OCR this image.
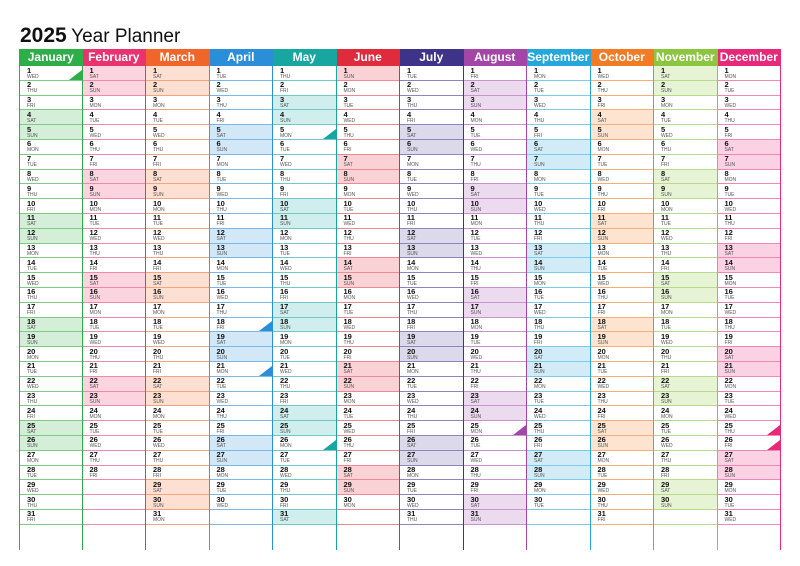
2025 Year Planner
January
1
WED
2
THU
3
FRI
4
SAT
5
SUN
6
MON
7
TUE
8
WED
9
THU
10
FRI
11
SAT
12
SUN
13
MON
14
TUE
15
WED
16
THU
17
FRI
18
SAT
19
SUN
20
MON
21
TUE
22
WED
23
THU
24
FRI
25
SAT
26
SUN
27
MON
28
TUE
29
WED
30
THU
31
FRI
February
1
SAT
2
SUN
3
MON
4
TUE
5
WED
6
THU
7
FRI
8
SAT
9
SUN
10
MON
11
TUE
12
WED
13
THU
14
FRI
15
SAT
16
SUN
17
MON
18
TUE
19
WED
20
THU
21
FRI
22
SAT
23
SUN
24
MON
25
TUE
26
WED
27
THU
28
FRI
March
1
SAT
2
SUN
3
MON
4
TUE
5
WED
6
THU
7
FRI
8
SAT
9
SUN
10
MON
11
TUE
12
WED
13
THU
14
FRI
15
SAT
16
SUN
17
MON
18
TUE
19
WED
20
THU
21
FRI
22
SAT
23
SUN
24
MON
25
TUE
26
WED
27
THU
28
FRI
29
SAT
30
SUN
31
MON
April
1
TUE
2
WED
3
THU
4
FRI
5
SAT
6
SUN
7
MON
8
TUE
9
WED
10
THU
11
FRI
12
SAT
13
SUN
14
MON
15
TUE
16
WED
17
THU
18
FRI
19
SAT
20
SUN
21
MON
22
TUE
23
WED
24
THU
25
FRI
26
SAT
27
SUN
28
MON
29
TUE
30
WED
May
1
THU
2
FRI
3
SAT
4
SUN
5
MON
6
TUE
7
WED
8
THU
9
FRI
10
SAT
11
SUN
12
MON
13
TUE
14
WED
15
THU
16
FRI
17
SAT
18
SUN
19
MON
20
TUE
21
WED
22
THU
23
FRI
24
SAT
25
SUN
26
MON
27
TUE
28
WED
29
THU
30
FRI
31
SAT
June
1
SUN
2
MON
3
TUE
4
WED
5
THU
6
FRI
7
SAT
8
SUN
9
MON
10
TUE
11
WED
12
THU
13
FRI
14
SAT
15
SUN
16
MON
17
TUE
18
WED
19
THU
20
FRI
21
SAT
22
SUN
23
MON
24
TUE
25
WED
26
THU
27
FRI
28
SAT
29
SUN
30
MON
July
1
TUE
2
WED
3
THU
4
FRI
5
SAT
6
SUN
7
MON
8
TUE
9
WED
10
THU
11
FRI
12
SAT
13
SUN
14
MON
15
TUE
16
WED
17
THU
18
FRI
19
SAT
20
SUN
21
MON
22
TUE
23
WED
24
THU
25
FRI
26
SAT
27
SUN
28
MON
29
TUE
30
WED
31
THU
August
1
FRI
2
SAT
3
SUN
4
MON
5
TUE
6
WED
7
THU
8
FRI
9
SAT
10
SUN
11
MON
12
TUE
13
WED
14
THU
15
FRI
16
SAT
17
SUN
18
MON
19
TUE
20
WED
21
THU
22
FRI
23
SAT
24
SUN
25
MON
26
TUE
27
WED
28
THU
29
FRI
30
SAT
31
SUN
September
1
MON
2
TUE
3
WED
4
THU
5
FRI
6
SAT
7
SUN
8
MON
9
TUE
10
WED
11
THU
12
FRI
13
SAT
14
SUN
15
MON
16
TUE
17
WED
18
THU
19
FRI
20
SAT
21
SUN
22
MON
23
TUE
24
WED
25
THU
26
FRI
27
SAT
28
SUN
29
MON
30
TUE
October
1
WED
2
THU
3
FRI
4
SAT
5
SUN
6
MON
7
TUE
8
WED
9
THU
10
FRI
11
SAT
12
SUN
13
MON
14
TUE
15
WED
16
THU
17
FRI
18
SAT
19
SUN
20
MON
21
TUE
22
WED
23
THU
24
FRI
25
SAT
26
SUN
27
MON
28
TUE
29
WED
30
THU
31
FRI
November
1
SAT
2
SUN
3
MON
4
TUE
5
WED
6
THU
7
FRI
8
SAT
9
SUN
10
MON
11
TUE
12
WED
13
THU
14
FRI
15
SAT
16
SUN
17
MON
18
TUE
19
WED
20
THU
21
FRI
22
SAT
23
SUN
24
MON
25
TUE
26
WED
27
THU
28
FRI
29
SAT
30
SUN
December
1
MON
2
TUE
3
WED
4
THU
5
FRI
6
SAT
7
SUN
8
MON
9
TUE
10
WED
11
THU
12
FRI
13
SAT
14
SUN
15
MON
16
TUE
17
WED
18
THU
19
FRI
20
SAT
21
SUN
22
MON
23
TUE
24
WED
25
THU
26
FRI
27
SAT
28
SUN
29
MON
30
TUE
31
WED
